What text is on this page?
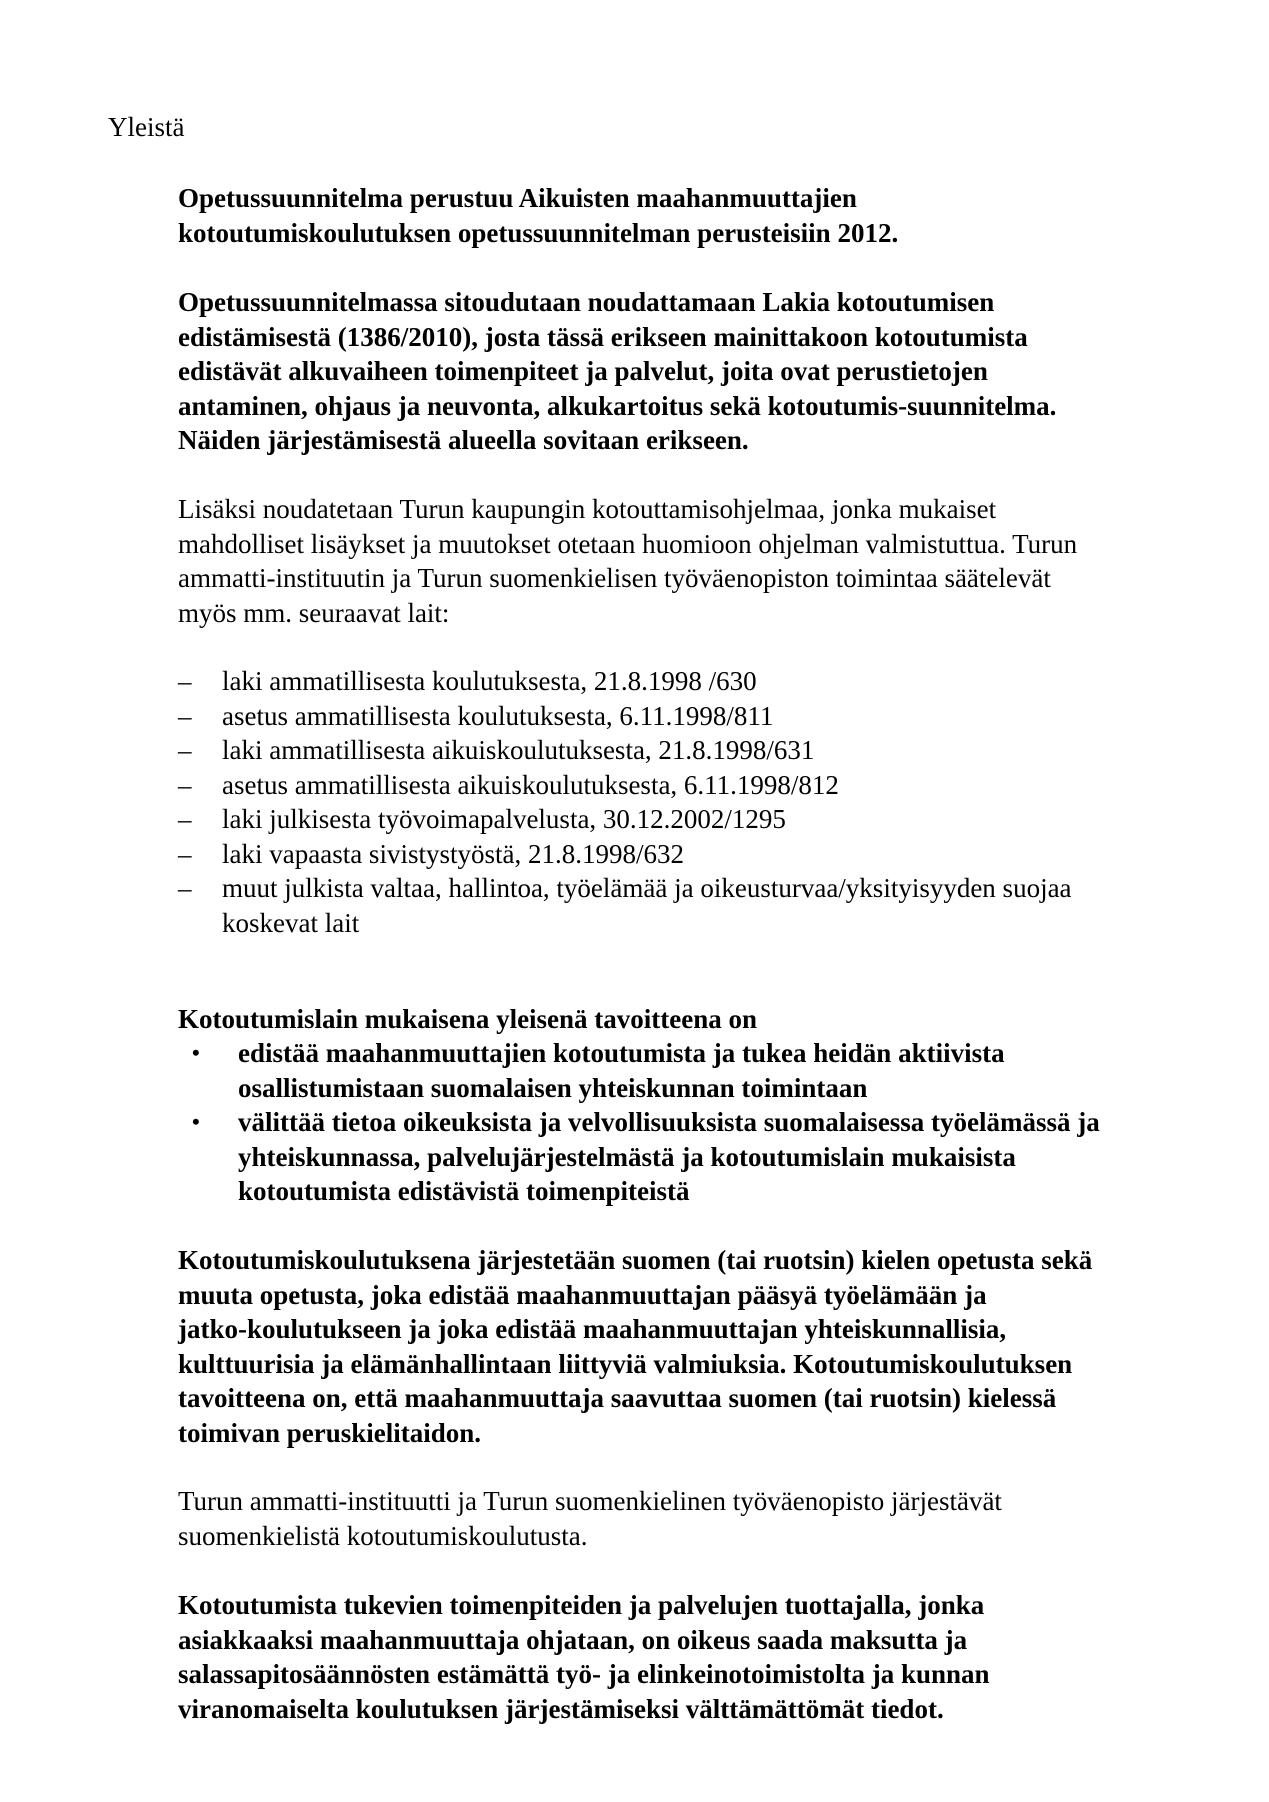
Yleistä

Opetussuunnitelma perustuu Aikuisten maahanmuuttajien
kotoutumiskoulutuksen opetussuunnitelman perusteisiin 2012.

Opetussuunnitelmassa sitoudutaan noudattamaan Lakia kotoutumisen
edistämisestä (1386/2010), josta tässä erikseen mainittakoon kotoutumista
edistävät alkuvaiheen toimenpiteet ja palvelut, joita ovat perustietojen
antaminen, ohjaus ja neuvonta, alkukartoitus sekä kotoutumis-suunnitelma.
Näiden järjestämisestä alueella sovitaan erikseen.

Lisäksi noudatetaan Turun kaupungin kotouttamisohjelmaa, jonka mukaiset
mahdolliset lisäykset ja muutokset otetaan huomioon ohjelman valmistuttua. Turun
ammatti-instituutin ja Turun suomenkielisen työväenopiston toimintaa säätelevät
myös mm. seuraavat lait:

– laki ammatillisesta koulutuksesta, 21.8.1998 /630
– asetus ammatillisesta koulutuksesta, 6.11.1998/811
– laki ammatillisesta aikuiskoulutuksesta, 21.8.1998/631
– asetus ammatillisesta aikuiskoulutuksesta, 6.11.1998/812
– laki julkisesta työvoimapalvelusta, 30.12.2002/1295
– laki vapaasta sivistystyöstä, 21.8.1998/632
– muut julkista valtaa, hallintoa, työelämää ja oikeusturvaa/yksityisyyden suojaa
koskevat lait

Kotoutumislain mukaisena yleisenä tavoitteena on

• edistää maahanmuuttajien kotoutumista ja tukea heidän aktiivista
osallistumistaan suomalaisen yhteiskunnan toimintaan
• välittää tietoa oikeuksista ja velvollisuuksista suomalaisessa työelämässä ja
yhteiskunnassa, palvelujärjestelmästä ja kotoutumislain mukaisista
kotoutumista edistävistä toimenpiteistä

Kotoutumiskoulutuksena järjestetään suomen (tai ruotsin) kielen opetusta sekä
muuta opetusta, joka edistää maahanmuuttajan pääsyä työelämään ja
jatko-koulutukseen ja joka edistää maahanmuuttajan yhteiskunnallisia,
kulttuurisia ja elämänhallintaan liittyviä valmiuksia. Kotoutumiskoulutuksen
tavoitteena on, että maahanmuuttaja saavuttaa suomen (tai ruotsin) kielessä
toimivan peruskielitaidon.

Turun ammatti-instituutti ja Turun suomenkielinen työväenopisto järjestävät
suomenkielistä kotoutumiskoulutusta.

Kotoutumista tukevien toimenpiteiden ja palvelujen tuottajalla, jonka
asiakkaaksi maahanmuuttaja ohjataan, on oikeus saada maksutta ja
salassapitosäännösten estämättä työ- ja elinkeinotoimistolta ja kunnan
viranomaiselta koulutuksen järjestämiseksi välttämättömät tiedot.
